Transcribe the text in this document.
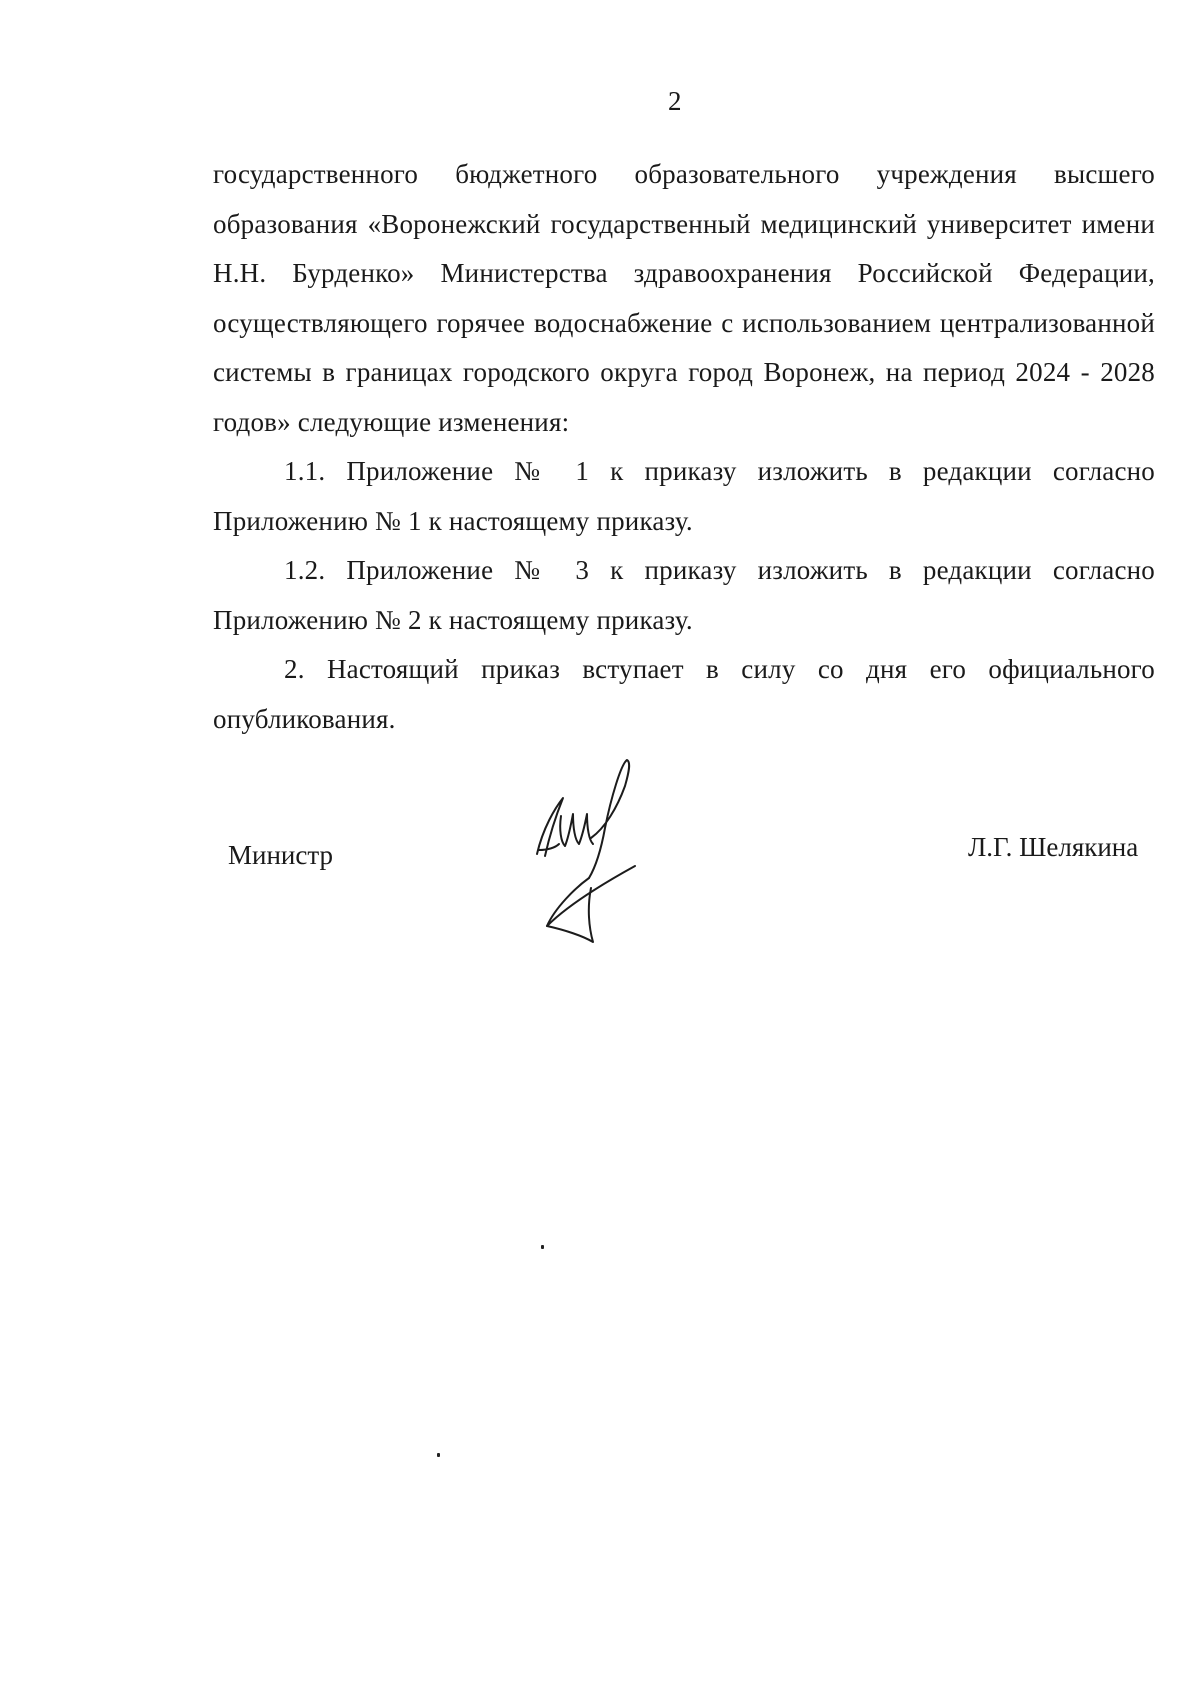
2

государственного бюджетного образовательного учреждения высшего образования «Воронежский государственный медицинский университет имени Н.Н. Бурденко» Министерства здравоохранения Российской Федерации, осуществляющего горячее водоснабжение с использованием централизованной системы в границах городского округа город Воронеж, на период 2024 - 2028 годов» следующие изменения:

1.1. Приложение № 1 к приказу изложить в редакции согласно Приложению № 1 к настоящему приказу.

1.2. Приложение № 3 к приказу изложить в редакции согласно Приложению № 2 к настоящему приказу.

2. Настоящий приказ вступает в силу со дня его официального опубликования.

Министр	Л.Г. Шелякина
